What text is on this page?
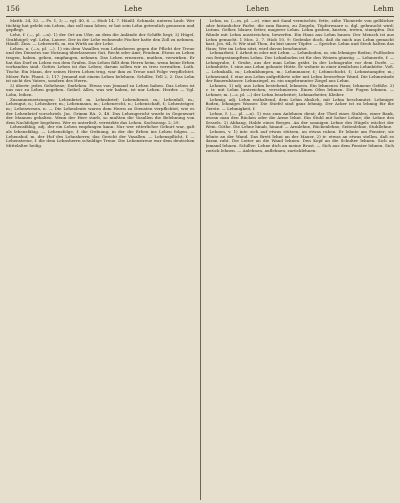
156	Lehe	Lehen	Lehm

Matth. 24, 32. — Ps. 1, 3; — vgl. 40, 6. — Hiob 14, 7. Häußl. Schmalz, unterm Laub. Wer tüchtig hat gelebt ein Leben, das soll man loben; er hat sein Lehn getreulich genossen und gepflegt.

Lehe, f. (—, pl. —n). 1) der Ort am Ufer, an dem die Anlände der Schiffe liegt; 2) Hügel, Grabhügel; vgl. Lehn, Lauwe. Der in der Lehe wohnende Fischer hatte den Zoll zu nehmen. Häußl. Zins. — Lehewirth, m. ein Wirth an der Lehe.

Lehen, n. (—s, pl. —). 1) ein dem Vasallen vom Lehnsherrn gegen die Pflicht der Treue und des Dienstes zur Nutzung überlassenes Gut, Recht oder Amt; Feudum. Etwas zu Lehen tragen, haben, geben, empfangen, nehmen. Das Lehen erneuern, muthen, verwirken. Er hat das Dorf zu Lehen von dem Grafen. Das Lehen fällt dem Herrn heim, wenn keine Erben vorhanden sind. Gottes Lehen ist das Leben; darum sollen wir es treu verwalten. Luth. Tischr. Ein Mann, der seines Herrn Lehen trug, war ihm zu Treue und Folge verpflichtet. Möser Patr. Phant. 2, 117. Jemand mit einem Lehen belehnen. Schiller, Tell 2, 2. Das Lehn ist nicht des Vaters, sondern des Herrn.

2) übertr. jedes Geliehene; Darlehen. Etwas von Jemand zu Lehen haben. Das Leben ist uns nur zu Lehen gegeben. Geibel. Alles, was wir haben, ist nur Lehen. Herder. — Vgl. Lohn, leihen.

Zusammensetzungen: Lehenbrief, m. Lehnsbrief; Lehendienst, m.; Lehenfall, m.; Lehengut, n.; Lehenherr, m.; Lehenmann, m.; Lehenrecht, n.; Lehenschaft, f.; Lehenträger, m.; Lehenwesen, n. — Die Lehenleute waren dem Herrn zu Diensten verpflichtet, wie es der Lehenbrief vorschrieb. Jac. Grimm RA. 2, 48. Das Lehengericht wurde in Gegenwart der Mannen gehalten. Wenn der Herr starb, so mußten die Vasallen die Belehnung von dem Nachfolger begehren. Wer es unterließ, verwirkte das Lehen. Sachsensp. 2, 29.

Lehensfähig, adj. der ein Lehen empfangen kann. Nur wer ritterlicher Geburt war, galt als lehensfähig. — Lehensfolge, f. die Ordnung, in der die Erben ins Lehen folgen. — Lehenshof, m. der Hof des Lehnsherrn; das Gericht der Vasallen. — Lehenspflicht, f. — Lehenstreue, f. die dem Lehnsherrn schuldige Treue. Die Lehenstreue war dem deutschen Mittelalter heilig.

Lehm, m. (—es, pl. —e). eine mit Sand vermischte, fette, zähe Thonerde von gelblicher oder bräunlicher Farbe, die zum Bauen, zu Ziegeln, Töpferwaare u. dgl. gebraucht wird; Lutum. Gelber, blauer, fetter, magerer Lehm. Lehm graben, kneten, treten, stampfen. Die Wände mit Lehm ausstreichen, bewerfen. Ein Haus aus Lehm bauen. Der Mensch ist aus Lehm gemacht. 1 Mos. 2, 7. Hiob 10, 9: Gedenke doch, daß du mich aus Lehm gemacht hast. Jes. 64, 8: Wir sind Thon, du bist unser Töpfer. — Sprichw. Lehm und Stroh halten das Haus; Wer im Lehm sitzt, wird davon beschmutzt.

Lehmarbeit, f. Arbeit in oder mit Lehm. — Lehmboden, m. ein lehmiger Boden; Fußboden von festgestampftem Lehm. Der Lehmboden ist für den Weizen günstig. — Lehmerde, f. — Lehmgrube, f. Grube, aus der man Lehm gräbt. In der Lehmgrube vor dem Dorfe. — Lehmhütte, f. eine aus Lehm gebaute Hütte. Er wohnte in einer ärmlichen Lehmhütte. Voß. — Lehmkalk, m.; Lehmklumpen, m.; Lehmmauer, f.; Lehmschicht, f.; Lehmstampfer, m.; Lehmwand, f. eine aus Lehm aufgeführte oder mit Lehm beworfene Wand. Die Lehmwände der Bauernhäuser. Lehmziegel, m. ein ungebrannter Ziegel aus Lehm.

Lehmen, 1) adj. aus Lehm bestehend, lehmern. Ein lehmenes Haus; lehmene Gefäße. 2) v. tr. mit Lehm bestreichen, verschmieren. Einen Ofen lehmen. Die Fugen lehmen. — Lehmer, m. (—s, pl. —) der Lehm bearbeitet; Lehmarbeiter, Kleiber.

Lehmig, adj. Lehm enthaltend, dem Lehm ähnlich, mit Lehm beschmutzt. Lehmiger Boden, lehmiges Wasser. Die Stiefel sind ganz lehmig. Der Acker ist zu lehmig für die Gerste. — Lehmigkeit, f.

Lehne, f. (—, pl. —n). 1) was zum Anlehnen dient; der Theil eines Stuhles, einer Bank, woran man den Rücken oder die Arme lehnt. Ein Stuhl mit hoher Lehne; die Lehne des Sessels. 2) Abhang, Halde eines Berges. An der sonnigen Lehne des Hügels wächst der Wein. Göthe. Die Lehne hinab, hinauf. — Armlehne, Rückenlehne, Seitenlehne, Stuhllehne.

Lehnen, v. 1) intr. sich auf etwas stützen, an etwas ruhen. Er lehnte am Fenster; sie lehnte an der Wand. Das Brett lehnt an der Mauer. 2) tr. etwas an etwas stellen, daß es daran ruht. Die Leiter an die Wand lehnen. Den Kopf an die Schulter lehnen. Sich an Jemand lehnen. Schiller: Lehne dich an meine Brust. — Sich aus dem Fenster lehnen. Sich zurück lehnen. — Anlehnen, auflehnen, zurücklehnen.
